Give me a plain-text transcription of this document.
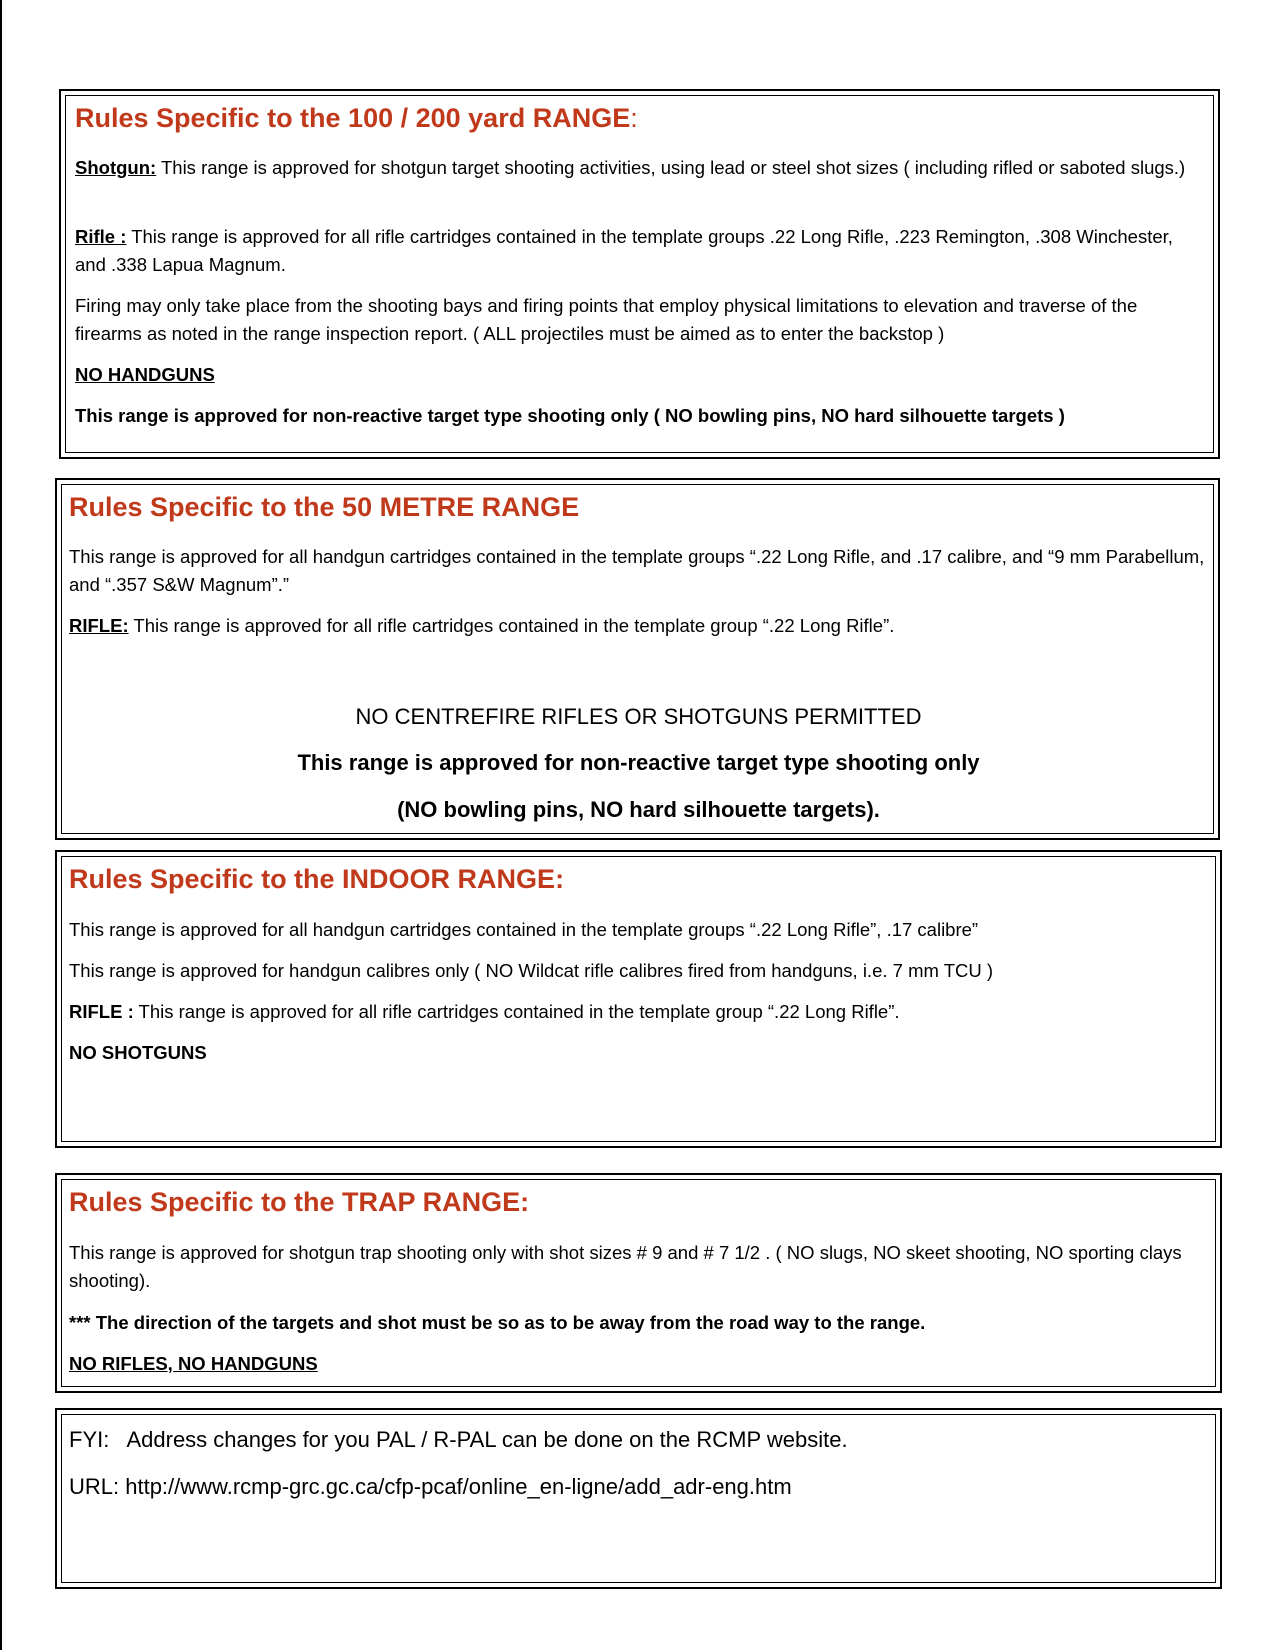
Rules Specific to the 100 / 200 yard RANGE:

Shotgun: This range is approved for shotgun target shooting activities, using lead or steel shot sizes ( including rifled or saboted slugs.)

Rifle : This range is approved for all rifle cartridges contained in the template groups .22 Long Rifle, .223 Remington, .308 Winchester, and .338 Lapua Magnum.

Firing may only take place from the shooting bays and firing points that employ physical limitations to elevation and traverse of the firearms as noted in the range inspection report. ( ALL projectiles must be aimed as to enter the backstop )

NO HANDGUNS

This range is approved for non-reactive target type shooting only ( NO bowling pins, NO hard silhouette targets )

Rules Specific to the 50 METRE RANGE

This range is approved for all handgun cartridges contained in the template groups “.22 Long Rifle, and .17 calibre, and “9 mm Parabellum, and “.357 S&W Magnum”.”

RIFLE: This range is approved for all rifle cartridges contained in the template group “.22 Long Rifle”.

NO CENTREFIRE RIFLES OR SHOTGUNS PERMITTED

This range is approved for non-reactive target type shooting only

(NO bowling pins, NO hard silhouette targets).

Rules Specific to the INDOOR RANGE:

This range is approved for all handgun cartridges contained in the template groups “.22 Long Rifle”, .17 calibre”

This range is approved for handgun calibres only ( NO Wildcat rifle calibres fired from handguns, i.e. 7 mm TCU )

RIFLE : This range is approved for all rifle cartridges contained in the template group “.22 Long Rifle”.

NO SHOTGUNS

Rules Specific to the TRAP RANGE:

This range is approved for shotgun trap shooting only with shot sizes # 9 and # 7 1/2 . ( NO slugs, NO skeet shooting, NO sporting clays shooting).

*** The direction of the targets and shot must be so as to be away from the road way to the range.

NO RIFLES, NO HANDGUNS

FYI:   Address changes for you PAL / R-PAL can be done on the RCMP website.

URL: http://www.rcmp-grc.gc.ca/cfp-pcaf/online_en-ligne/add_adr-eng.htm
